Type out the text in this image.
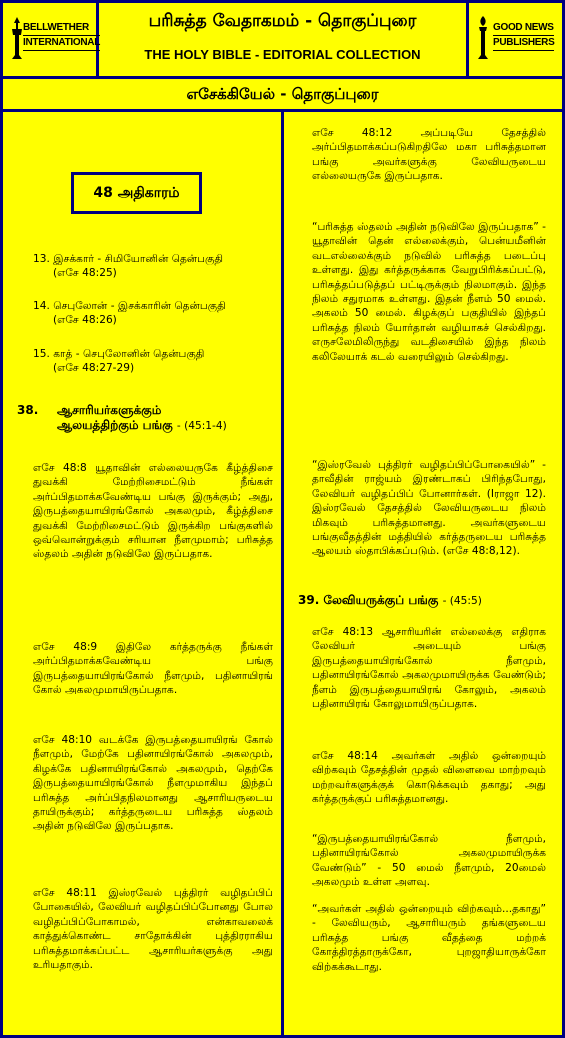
BELLWETHER
INTERNATIONAL
பரிசுத்த வேதாகமம் - தொகுப்புரை
THE HOLY BIBLE - EDITORIAL COLLECTION
GOOD NEWS
PUBLISHERS
எசேக்கியேல் - தொகுப்புரை
48 அதிகாரம்
13. இசக்கார் - சிமியோனின் தென்பகுதி
(எசே 48:25)
14. செபுலோன் - இசக்காரின் தென்பகுதி
(எசே 48:26)
15. காத் - செபுலோனின் தென்பகுதி
(எசே 48:27-29)
38. ஆசாரியர்களுக்கும்
ஆலயத்திற்கும் பங்கு - (45:1-4)
எசே 48:8 யூதாவின் எல்லையருகே கீழ்த்திசை துவக்கி மேற்றிசைமட்டும் நீங்கள் அர்ப்பிதமாக்கவேண்டிய பங்கு இருக்கும்; அது, இருபத்தையாயிரங்கோல் அகலமும், கீழ்த்திசை துவக்கி மேற்றிசைமட்டும் இருக்கிற பங்குகளில் ஒவ்வொன்றுக்கும் சரியான நீளமுமாம்; பரிசுத்த ஸ்தலம் அதின் நடுவிலே இருப்பதாக.
எசே 48:9 இதிலே கர்த்தருக்கு நீங்கள் அர்ப்பிதமாக்கவேண்டிய பங்கு இருபத்தையாயிரங்கோல் நீளமும், பதினாயிரங் கோல் அகலமுமாயிருப்பதாக.
எசே 48:10 வடக்கே இருபத்தையாயிரங் கோல் நீளமும், மேற்கே பதினாயிரங்கோல் அகலமும், கிழக்கே பதினாயிரங்கோல் அகலமும், தெற்கே இருபத்தையாயிரங்கோல் நீளமுமாகிய இந்தப் பரிசுத்த அர்ப்பிதநிலமானது ஆசாரியருடைய தாயிருக்கும்; கர்த்தருடைய பரிசுத்த ஸ்தலம் அதின் நடுவிலே இருப்பதாக.
எசே 48:11 இஸ்ரவேல் புத்திரர் வழிதப்பிப் போகையில், லேவியர் வழிதப்பிப்போனது போல வழிதப்பிப்போகாமல், என்காவலைக் காத்துக்கொண்ட சாதோக்கின் புத்திரராகிய பரிசுத்தமாக்கப்பட்ட ஆசாரியர்களுக்கு அது உரியதாகும்.
எசே 48:12 அப்படியே தேசத்தில் அர்ப்பிதமாக்கப்படுகிறதிலே மகா பரிசுத்தமான பங்கு அவர்களுக்கு லேவியருடைய எல்லையருகே இருப்பதாக.
“பரிசுத்த ஸ்தலம் அதின் நடுவிலே இருப்பதாக” - யூதாவின் தென் எல்லைக்கும், பென்யமீனின் வடஎல்லைக்கும் நடுவில் பரிசுத்த படைப்பு உள்ளது. இது கர்த்தருக்காக வேறுபிரிக்கப்பட்டு, பரிசுத்தப்படுத்தப் பட்டிருக்கும் நிலமாகும். இந்த நிலம் சதுரமாக உள்ளது. இதன் நீளம் 50 மைல். அகலம் 50 மைல். கிழக்குப் பகுதியில் இந்தப் பரிசுத்த நிலம் யோர்தான் வழியாகச் செல்கிறது. எருசலேமிலிருந்து வடதிசையில் இந்த நிலம் கலிலேயாக் கடல் வரையிலும் செல்கிறது.
“இஸ்ரவேல் புத்திரர் வழிதப்பிப்போகையில்” - தாவீதின் ராஜ்யம் இரண்டாகப் பிரிந்தபோது, லேவியர் வழிதப்பிப் போனார்கள். (Iராஜா 12). இஸ்ரவேல் தேசத்தில் லேவியருடைய நிலம் மிகவும் பரிசுத்தமானது. அவர்களுடைய பங்குவீதத்தின் மத்தியில் கர்த்தருடைய பரிசுத்த ஆலயம் ஸ்தாபிக்கப்படும். (எசே 48:8,12).
39. லேவியருக்குப் பங்கு - (45:5)
எசே 48:13 ஆசாரியரின் எல்லைக்கு எதிராக லேவியர் அடையும் பங்கு இருபத்தையாயிரங்கோல் நீளமும், பதினாயிரங்கோல் அகலமுமாயிருக்க வேண்டும்; நீளம் இருபத்தையாயிரங் கோலும், அகலம் பதினாயிரங் கோலுமாயிருப்பதாக.
எசே 48:14 அவர்கள் அதில் ஒன்றையும் விற்கவும் தேசத்தின் முதல் விளைவை மாற்றவும் மற்றவர்களுக்குக் கொடுக்கவும் தகாது; அது கர்த்தருக்குப் பரிசுத்தமானது.
“இருபத்தையாயிரங்கோல் நீளமும், பதினாயிரங்கோல் அகலமுமாயிருக்க வேண்டும்” - 50 மைல் நீளமும், 20மைல் அகலமும் உள்ள அளவு.
“அவர்கள் அதில் ஒன்றையும் விற்கவும்...தகாது” - லேவியரும், ஆசாரியரும் தங்களுடைய பரிசுத்த பங்கு வீதத்தை மற்றக் கோத்திரத்தாருக்கோ, புறஜாதியாருக்கோ விற்கக்கூடாது.
